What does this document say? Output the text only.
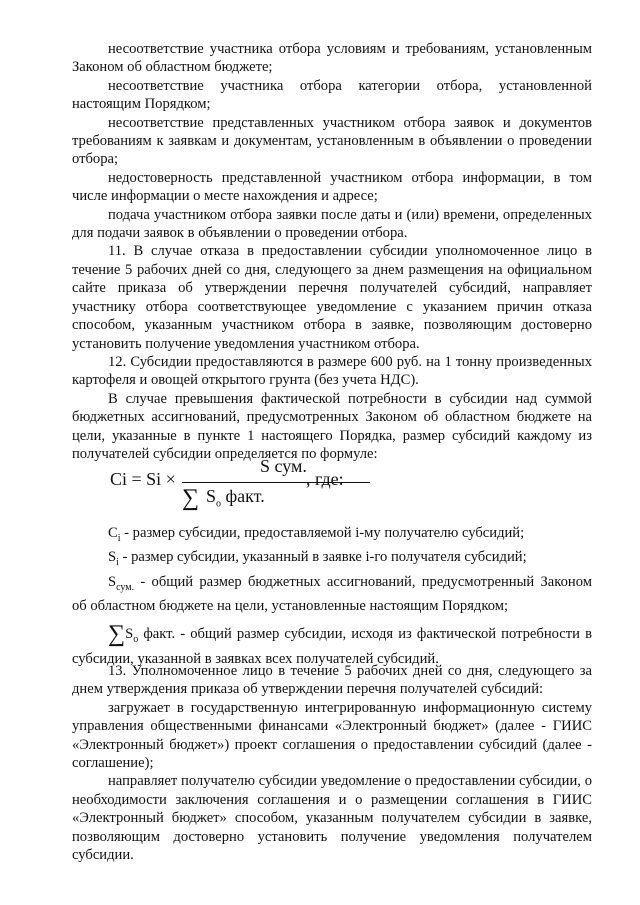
несоответствие участника отбора условиям и требованиям, установленным Законом об областном бюджете;

несоответствие участника отбора категории отбора, установленной настоящим Порядком;

несоответствие представленных участником отбора заявок и документов требованиям к заявкам и документам, установленным в объявлении о проведении отбора;

недостоверность представленной участником отбора информации, в том числе информации о месте нахождения и адресе;

подача участником отбора заявки после даты и (или) времени, определенных для подачи заявок в объявлении о проведении отбора.

11. В случае отказа в предоставлении субсидии уполномоченное лицо в течение 5 рабочих дней со дня, следующего за днем размещения на официальном сайте приказа об утверждении перечня получателей субсидий, направляет участнику отбора соответствующее уведомление с указанием причин отказа способом, указанным участником отбора в заявке, позволяющим достоверно установить получение уведомления участником отбора.

12. Субсидии предоставляются в размере 600 руб. на 1 тонну произведенных картофеля и овощей открытого грунта (без учета НДС).

В случае превышения фактической потребности в субсидии над суммой бюджетных ассигнований, предусмотренных Законом об областном бюджете на цели, указанные в пункте 1 настоящего Порядка, размер субсидий каждому из получателей субсидии определяется по формуле:

Ci = Si ×
S сум.
∑ $S_о$ факт.
, где:

$C_i$ - размер субсидии, предоставляемой i-му получателю субсидий;

$S_i$ - размер субсидии, указанный в заявке i-го получателя субсидий;

$S_{сум.}$ - общий размер бюджетных ассигнований, предусмотренный Законом об областном бюджете на цели, установленные настоящим Порядком;

$\sum S_о$ факт. - общий размер субсидии, исходя из фактической потребности в субсидии, указанной в заявках всех получателей субсидий.

13. Уполномоченное лицо в течение 5 рабочих дней со дня, следующего за днем утверждения приказа об утверждении перечня получателей субсидий:

загружает в государственную интегрированную информационную систему управления общественными финансами «Электронный бюджет» (далее - ГИИС «Электронный бюджет») проект соглашения о предоставлении субсидий (далее - соглашение);

направляет получателю субсидии уведомление о предоставлении субсидии, о необходимости заключения соглашения и о размещении соглашения в ГИИС «Электронный бюджет» способом, указанным получателем субсидии в заявке, позволяющим достоверно установить получение уведомления получателем субсидии.
